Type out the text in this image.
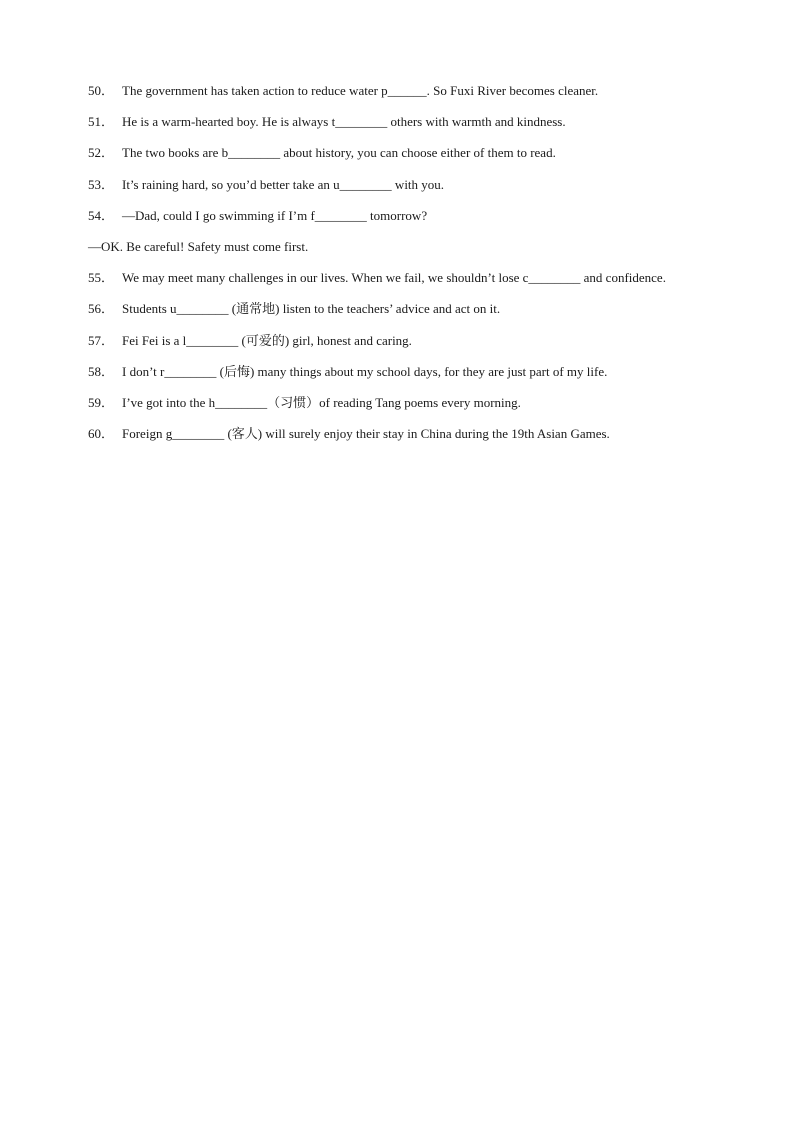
50． The government has taken action to reduce water p______. So Fuxi River becomes cleaner.
51． He is a warm-hearted boy. He is always t________ others with warmth and kindness.
52． The two books are b________ about history, you can choose either of them to read.
53． It’s raining hard, so you’d better take an u________ with you.
54． —Dad, could I go swimming if I’m f________ tomorrow?
—OK. Be careful! Safety must come first.
55． We may meet many challenges in our lives. When we fail, we shouldn’t lose c________ and confidence.
56． Students u________ (通常地) listen to the teachers’ advice and act on it.
57． Fei Fei is a l________ (可爱的) girl, honest and caring.
58． I don’t r________ (后悔) many things about my school days, for they are just part of my life.
59． I’ve got into the h________（习惯）of reading Tang poems every morning.
60． Foreign g________ (客人) will surely enjoy their stay in China during the 19th Asian Games.
